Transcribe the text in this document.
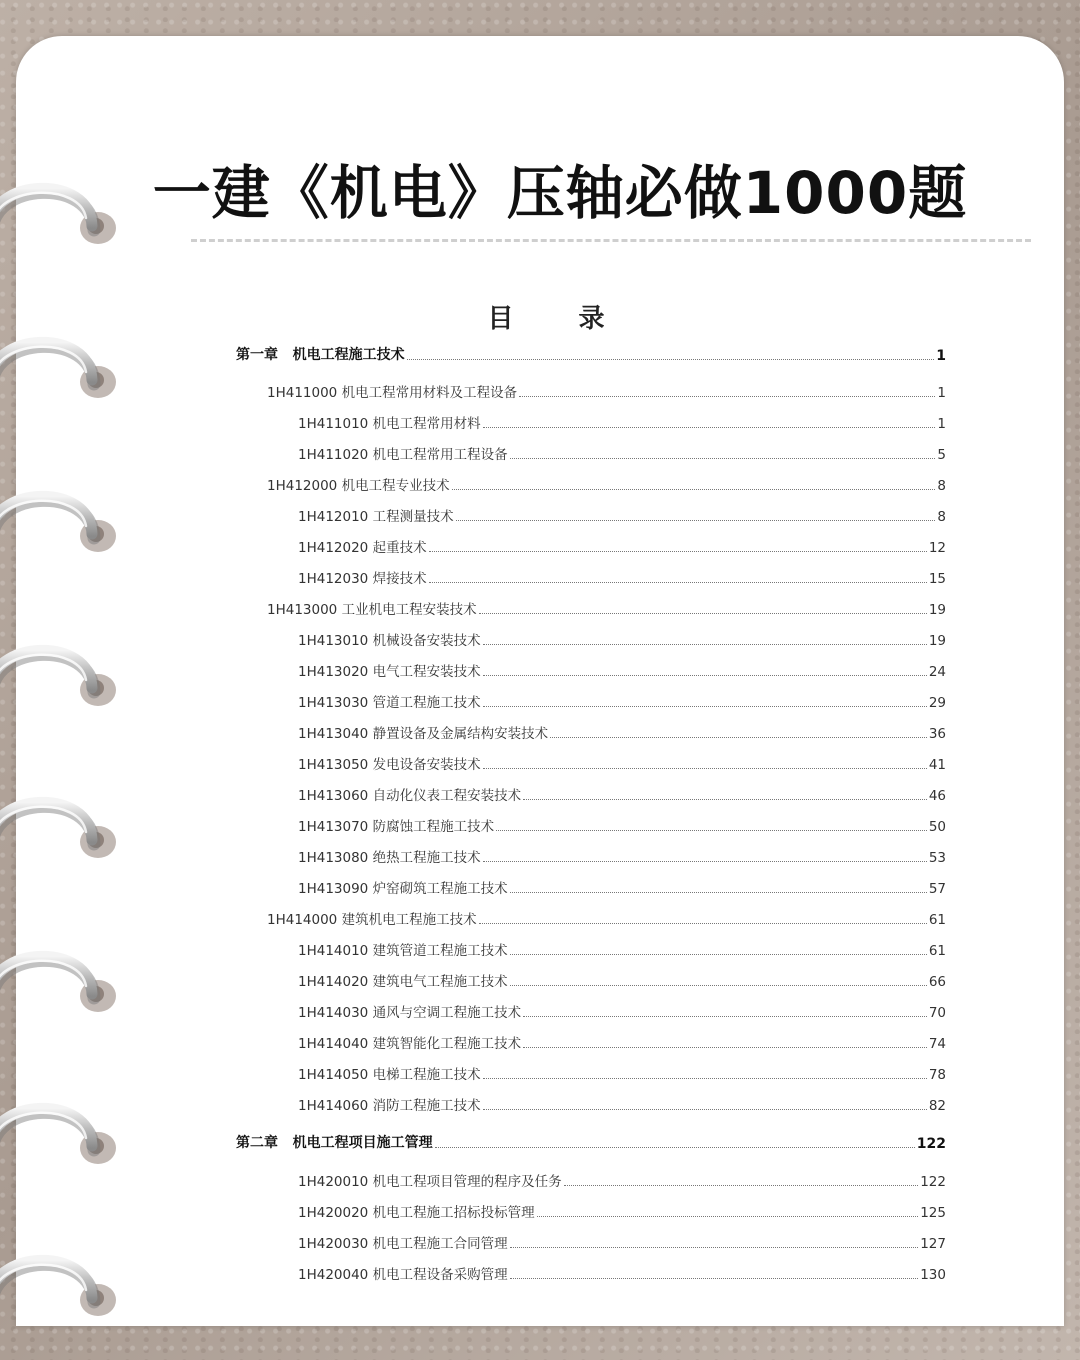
一建《机电》压轴必做1000题
目 录
第一章   机电工程施工技术	1
1H411000 机电工程常用材料及工程设备	1
1H411010 机电工程常用材料	1
1H411020 机电工程常用工程设备	5
1H412000 机电工程专业技术	8
1H412010 工程测量技术	8
1H412020 起重技术	12
1H412030 焊接技术	15
1H413000 工业机电工程安装技术	19
1H413010 机械设备安装技术	19
1H413020 电气工程安装技术	24
1H413030 管道工程施工技术	29
1H413040 静置设备及金属结构安装技术	36
1H413050 发电设备安装技术	41
1H413060 自动化仪表工程安装技术	46
1H413070 防腐蚀工程施工技术	50
1H413080 绝热工程施工技术	53
1H413090 炉窑砌筑工程施工技术	57
1H414000 建筑机电工程施工技术	61
1H414010 建筑管道工程施工技术	61
1H414020 建筑电气工程施工技术	66
1H414030 通风与空调工程施工技术	70
1H414040 建筑智能化工程施工技术	74
1H414050 电梯工程施工技术	78
1H414060 消防工程施工技术	82
第二章   机电工程项目施工管理	122
1H420010 机电工程项目管理的程序及任务	122
1H420020 机电工程施工招标投标管理	125
1H420030 机电工程施工合同管理	127
1H420040 机电工程设备采购管理	130
